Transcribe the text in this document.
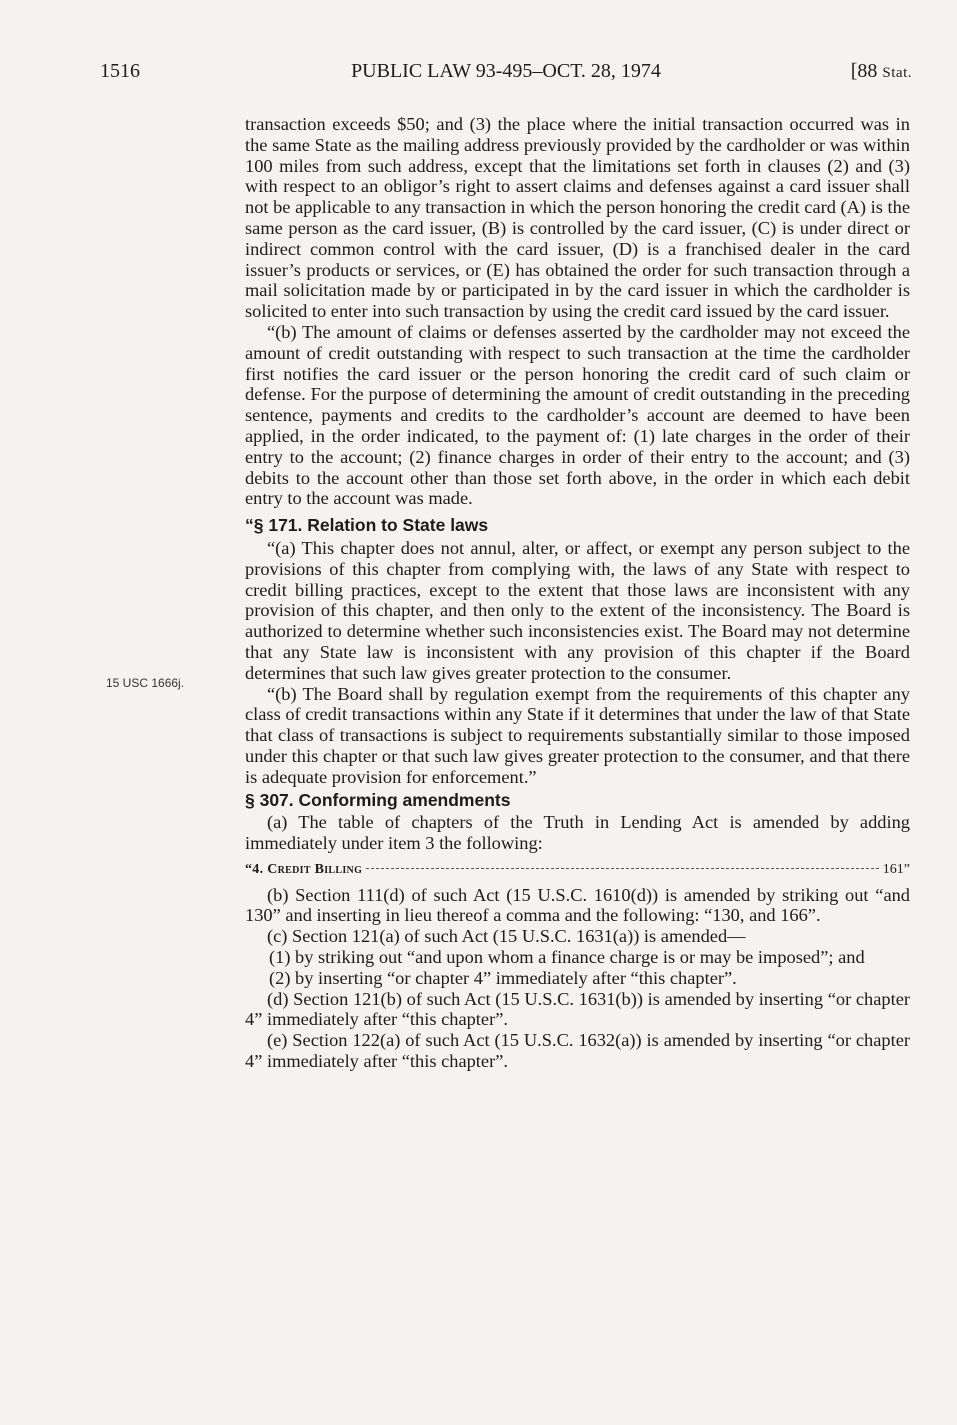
1516	PUBLIC LAW 93-495–OCT. 28, 1974	[88 Stat.
15 USC 1666j.

transaction exceeds $50; and (3) the place where the initial transaction occurred was in the same State as the mailing address previously provided by the cardholder or was within 100 miles from such address, except that the limitations set forth in clauses (2) and (3) with respect to an obligor’s right to assert claims and defenses against a card issuer shall not be applicable to any transaction in which the person honoring the credit card (A) is the same person as the card issuer, (B) is controlled by the card issuer, (C) is under direct or indirect common control with the card issuer, (D) is a franchised dealer in the card issuer’s products or services, or (E) has obtained the order for such transaction through a mail solicitation made by or participated in by the card issuer in which the cardholder is solicited to enter into such transaction by using the credit card issued by the card issuer.

“(b) The amount of claims or defenses asserted by the cardholder may not exceed the amount of credit outstanding with respect to such transaction at the time the cardholder first notifies the card issuer or the person honoring the credit card of such claim or defense. For the purpose of determining the amount of credit outstanding in the preceding sentence, payments and credits to the cardholder’s account are deemed to have been applied, in the order indicated, to the payment of: (1) late charges in the order of their entry to the account; (2) finance charges in order of their entry to the account; and (3) debits to the account other than those set forth above, in the order in which each debit entry to the account was made.

“§ 171. Relation to State laws

“(a) This chapter does not annul, alter, or affect, or exempt any person subject to the provisions of this chapter from complying with, the laws of any State with respect to credit billing practices, except to the extent that those laws are inconsistent with any provision of this chapter, and then only to the extent of the inconsistency. The Board is authorized to determine whether such inconsistencies exist. The Board may not determine that any State law is inconsistent with any provision of this chapter if the Board determines that such law gives greater protection to the consumer.

“(b) The Board shall by regulation exempt from the requirements of this chapter any class of credit transactions within any State if it determines that under the law of that State that class of transactions is subject to requirements substantially similar to those imposed under this chapter or that such law gives greater protection to the consumer, and that there is adequate provision for enforcement.”

§ 307. Conforming amendments

(a) The table of chapters of the Truth in Lending Act is amended by adding immediately under item 3 the following:

“4. Credit Billing	161”

(b) Section 111(d) of such Act (15 U.S.C. 1610(d)) is amended by striking out “and 130” and inserting in lieu thereof a comma and the following: “130, and 166”.

(c) Section 121(a) of such Act (15 U.S.C. 1631(a)) is amended—

(1) by striking out “and upon whom a finance charge is or may be imposed”; and

(2) by inserting “or chapter 4” immediately after “this chapter”.

(d) Section 121(b) of such Act (15 U.S.C. 1631(b)) is amended by inserting “or chapter 4” immediately after “this chapter”.

(e) Section 122(a) of such Act (15 U.S.C. 1632(a)) is amended by inserting “or chapter 4” immediately after “this chapter”.
